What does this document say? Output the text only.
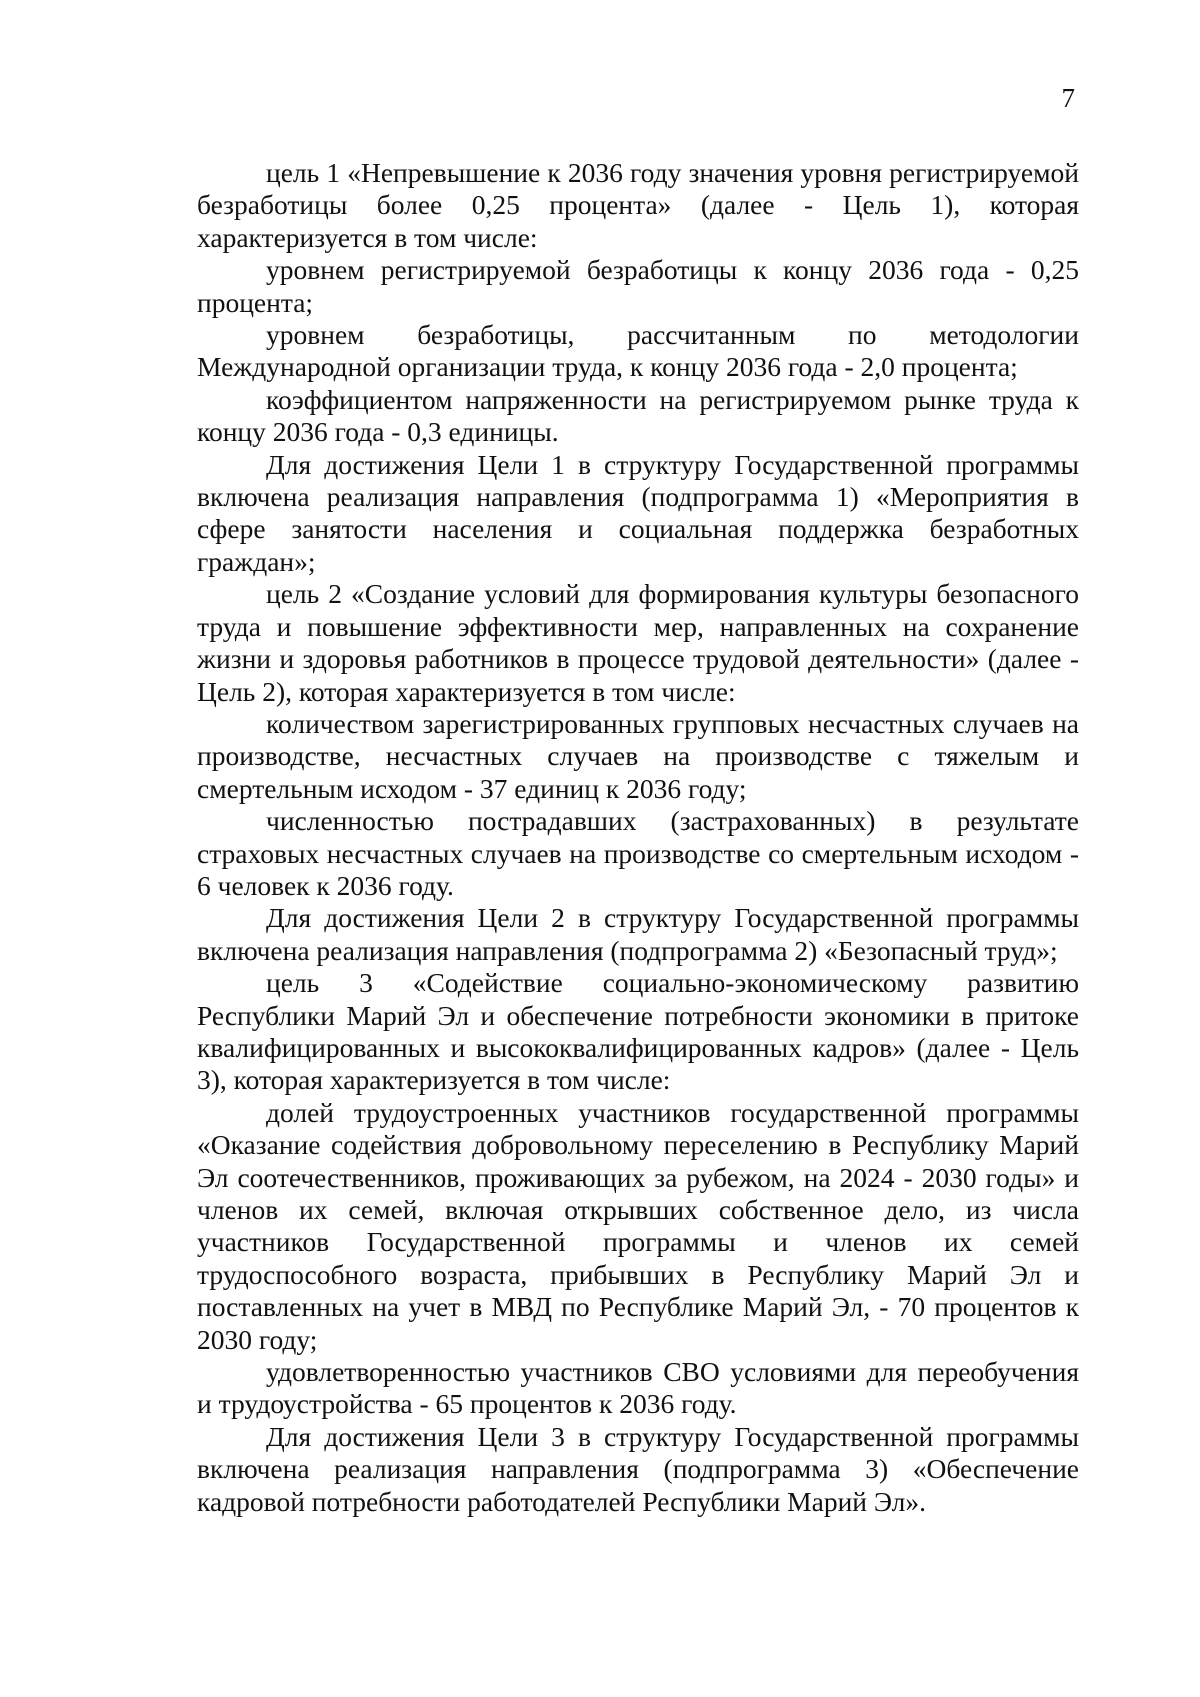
7

цель 1 «Непревышение к 2036 году значения уровня регистрируемой безработицы более 0,25 процента» (далее - Цель 1), которая характеризуется в том числе:

уровнем регистрируемой безработицы к концу 2036 года - 0,25 процента;

уровнем безработицы, рассчитанным по методологии Международной организации труда, к концу 2036 года - 2,0 процента;

коэффициентом напряженности на регистрируемом рынке труда к концу 2036 года - 0,3 единицы.

Для достижения Цели 1 в структуру Государственной программы включена реализация направления (подпрограмма 1) «Мероприятия в сфере занятости населения и социальная поддержка безработных граждан»;

цель 2 «Создание условий для формирования культуры безопасного труда и повышение эффективности мер, направленных на сохранение жизни и здоровья работников в процессе трудовой деятельности» (далее - Цель 2), которая характеризуется в том числе:

количеством зарегистрированных групповых несчастных случаев на производстве, несчастных случаев на производстве с тяжелым и смертельным исходом - 37 единиц к 2036 году;

численностью пострадавших (застрахованных) в результате страховых несчастных случаев на производстве со смертельным исходом - 6 человек к 2036 году.

Для достижения Цели 2 в структуру Государственной программы включена реализация направления (подпрограмма 2) «Безопасный труд»;

цель 3 «Содействие социально-экономическому развитию Республики Марий Эл и обеспечение потребности экономики в притоке квалифицированных и высококвалифицированных кадров» (далее - Цель 3), которая характеризуется в том числе:

долей трудоустроенных участников государственной программы «Оказание содействия добровольному переселению в Республику Марий Эл соотечественников, проживающих за рубежом, на 2024 - 2030 годы» и членов их семей, включая открывших собственное дело, из числа участников Государственной программы и членов их семей трудоспособного возраста, прибывших в Республику Марий Эл и поставленных на учет в МВД по Республике Марий Эл, - 70 процентов к 2030 году;

удовлетворенностью участников СВО условиями для переобучения и трудоустройства - 65 процентов к 2036 году.

Для достижения Цели 3 в структуру Государственной программы включена реализация направления (подпрограмма 3) «Обеспечение кадровой потребности работодателей Республики Марий Эл».
